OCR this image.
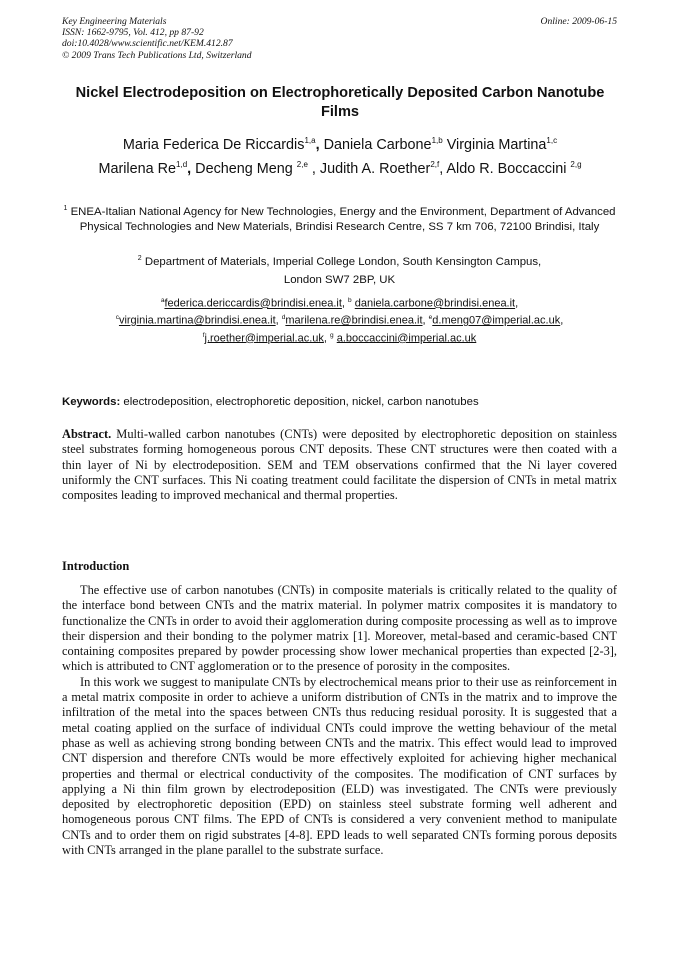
Key Engineering Materials
ISSN: 1662-9795, Vol. 412, pp 87-92
doi:10.4028/www.scientific.net/KEM.412.87
© 2009 Trans Tech Publications Ltd, Switzerland
Online: 2009-06-15
Nickel Electrodeposition on Electrophoretically Deposited Carbon Nanotube Films
Maria Federica De Riccardis$^{1,a}$, Daniela Carbone$^{1,b}$ Virginia Martina$^{1,c}$
Marilena Re$^{1,d}$, Decheng Meng $^{2,e}$ , Judith A. Roether$^{2,f}$, Aldo R. Boccaccini $^{2,g}$
$^1$ ENEA-Italian National Agency for New Technologies, Energy and the Environment, Department of Advanced Physical Technologies and New Materials, Brindisi Research Centre, SS 7 km 706, 72100 Brindisi, Italy
$^2$ Department of Materials, Imperial College London, South Kensington Campus,
London SW7 2BP, UK
$^a$federica.dericcardis@brindisi.enea.it, $^b$ daniela.carbone@brindisi.enea.it,
$^c$virginia.martina@brindisi.enea.it, $^d$marilena.re@brindisi.enea.it, $^e$d.meng07@imperial.ac.uk,
$^f$j.roether@imperial.ac.uk, $^g$ a.boccaccini@imperial.ac.uk
Keywords: electrodeposition, electrophoretic deposition, nickel, carbon nanotubes
Abstract. Multi-walled carbon nanotubes (CNTs) were deposited by electrophoretic deposition on stainless steel substrates forming homogeneous porous CNT deposits. These CNT structures were then coated with a thin layer of Ni by electrodeposition. SEM and TEM observations confirmed that the Ni layer covered uniformly the CNT surfaces. This Ni coating treatment could facilitate the dispersion of CNTs in metal matrix composites leading to improved mechanical and thermal properties.
Introduction

The effective use of carbon nanotubes (CNTs) in composite materials is critically related to the quality of the interface bond between CNTs and the matrix material. In polymer matrix composites it is mandatory to functionalize the CNTs in order to avoid their agglomeration during composite processing as well as to improve their dispersion and their bonding to the polymer matrix [1]. Moreover, metal-based and ceramic-based CNT containing composites prepared by powder processing show lower mechanical properties than expected [2-3], which is attributed to CNT agglomeration or to the presence of porosity in the composites.

In this work we suggest to manipulate CNTs by electrochemical means prior to their use as reinforcement in a metal matrix composite in order to achieve a uniform distribution of CNTs in the matrix and to improve the infiltration of the metal into the spaces between CNTs thus reducing residual porosity. It is suggested that a metal coating applied on the surface of individual CNTs could improve the wetting behaviour of the metal phase as well as achieving strong bonding between CNTs and the matrix. This effect would lead to improved CNT dispersion and therefore CNTs would be more effectively exploited for achieving higher mechanical properties and thermal or electrical conductivity of the composites. The modification of CNT surfaces by applying a Ni thin film grown by electrodeposition (ELD) was investigated. The CNTs were previously deposited by electrophoretic deposition (EPD) on stainless steel substrate forming well adherent and homogeneous porous CNT films. The EPD of CNTs is considered a very convenient method to manipulate CNTs and to order them on rigid substrates [4-8]. EPD leads to well separated CNTs forming porous deposits with CNTs arranged in the plane parallel to the substrate surface.
